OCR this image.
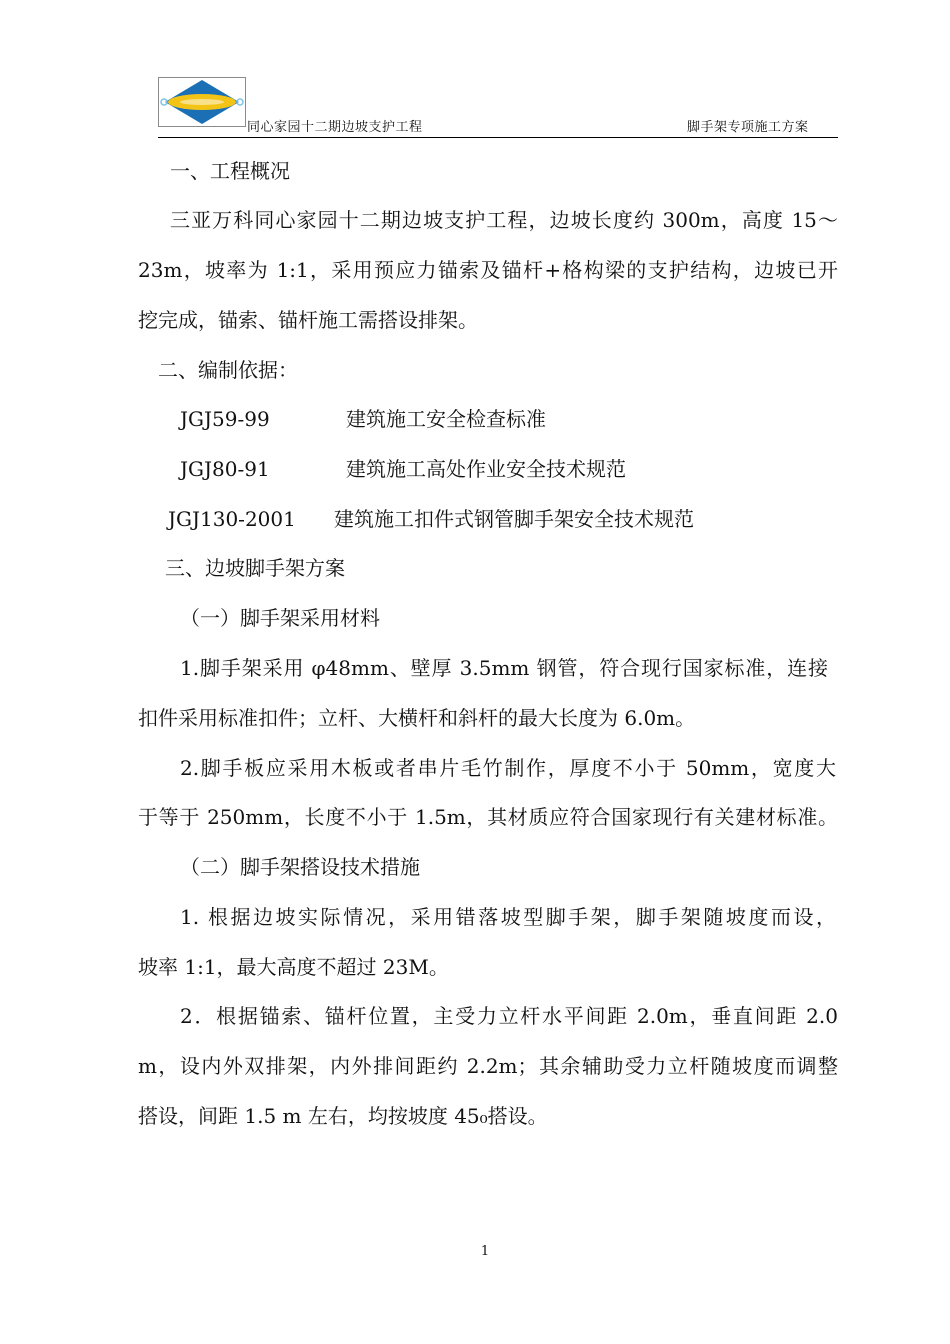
同心家园十二期边坡支护工程	脚手架专项施工方案
一、工程概况
三亚万科同心家园十二期边坡支护工程，边坡长度约 300m，高度 15～
23m，坡率为 1:1，采用预应力锚索及锚杆+格构梁的支护结构，边坡已开
挖完成，锚索、锚杆施工需搭设排架。
二、编制依据：
JGJ59-99	建筑施工安全检查标准
JGJ80-91	建筑施工高处作业安全技术规范
JGJ130-2001 建筑施工扣件式钢管脚手架安全技术规范
三、边坡脚手架方案
（一）脚手架采用材料
1.脚手架采用 φ48mm、壁厚 3.5mm 钢管，符合现行国家标准，连接
扣件采用标准扣件；立杆、大横杆和斜杆的最大长度为 6.0m。
2.脚手板应采用木板或者串片毛竹制作，厚度不小于 50mm，宽度大
于等于 250mm，长度不小于 1.5m，其材质应符合国家现行有关建材标准。
（二）脚手架搭设技术措施
1. 根据边坡实际情况，采用错落坡型脚手架，脚手架随坡度而设，
坡率 1:1，最大高度不超过 23M。
2．根据锚索、锚杆位置，主受力立杆水平间距 2.0m，垂直间距 2.0
m，设内外双排架，内外排间距约 2.2m；其余辅助受力立杆随坡度而调整
搭设，间距 1.5 m 左右，均按坡度 45₀搭设。
1
